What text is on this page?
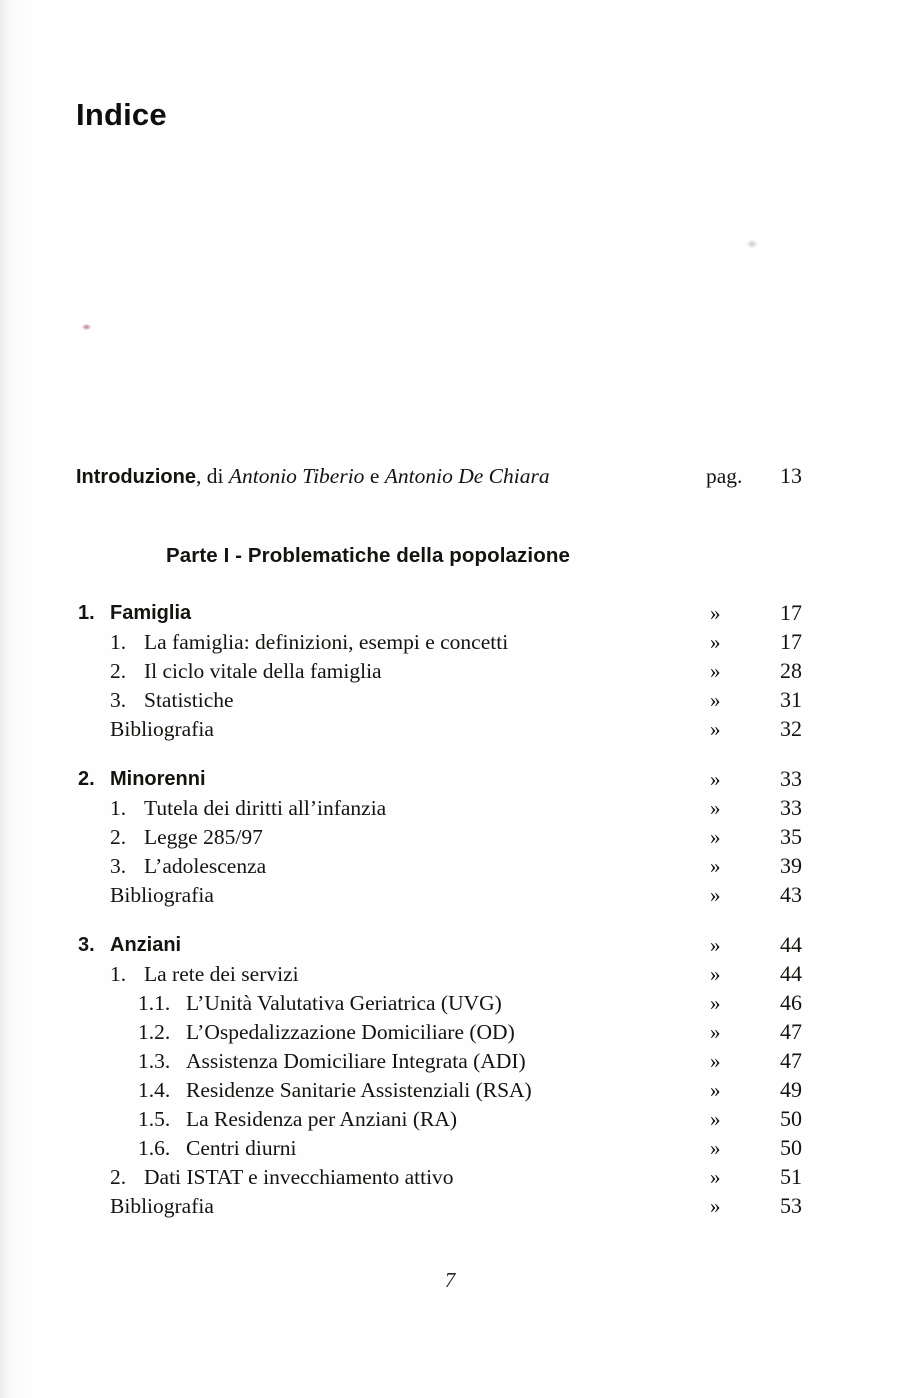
Indice
Introduzione, di Antonio Tiberio e Antonio De Chiara	pag.	13
Parte I - Problematiche della popolazione
1. Famiglia	»	17
1. La famiglia: definizioni, esempi e concetti	»	17
2. Il ciclo vitale della famiglia	»	28
3. Statistiche	»	31
Bibliografia	»	32
2. Minorenni	»	33
1. Tutela dei diritti all’infanzia	»	33
2. Legge 285/97	»	35
3. L’adolescenza	»	39
Bibliografia	»	43
3. Anziani	»	44
1. La rete dei servizi	»	44
1.1. L’Unità Valutativa Geriatrica (UVG)	»	46
1.2. L’Ospedalizzazione Domiciliare (OD)	»	47
1.3. Assistenza Domiciliare Integrata (ADI)	»	47
1.4. Residenze Sanitarie Assistenziali (RSA)	»	49
1.5. La Residenza per Anziani (RA)	»	50
1.6. Centri diurni	»	50
2. Dati ISTAT e invecchiamento attivo	»	51
Bibliografia	»	53
7
